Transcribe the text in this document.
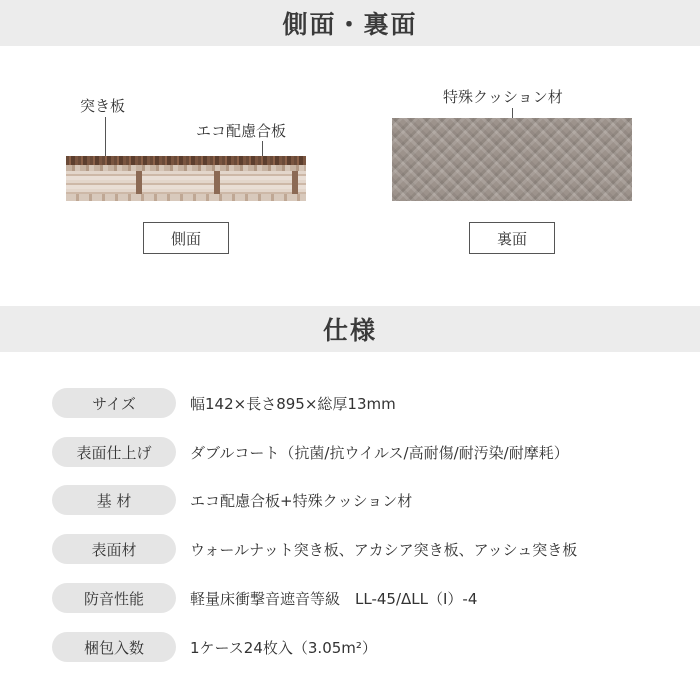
側面・裏面
突き板
エコ配慮合板
側面
特殊クッション材
裏面
仕様
サイズ	幅142×長さ895×総厚13mm
表面仕上げ	ダブルコート（抗菌/抗ウイルス/高耐傷/耐汚染/耐摩耗）
基 材	エコ配慮合板+特殊クッション材
表面材	ウォールナット突き板、アカシア突き板、アッシュ突き板
防音性能	軽量床衝撃音遮音等級　LL-45/ΔLL（Ⅰ）-4
梱包入数	1ケース24枚入（3.05m²）
